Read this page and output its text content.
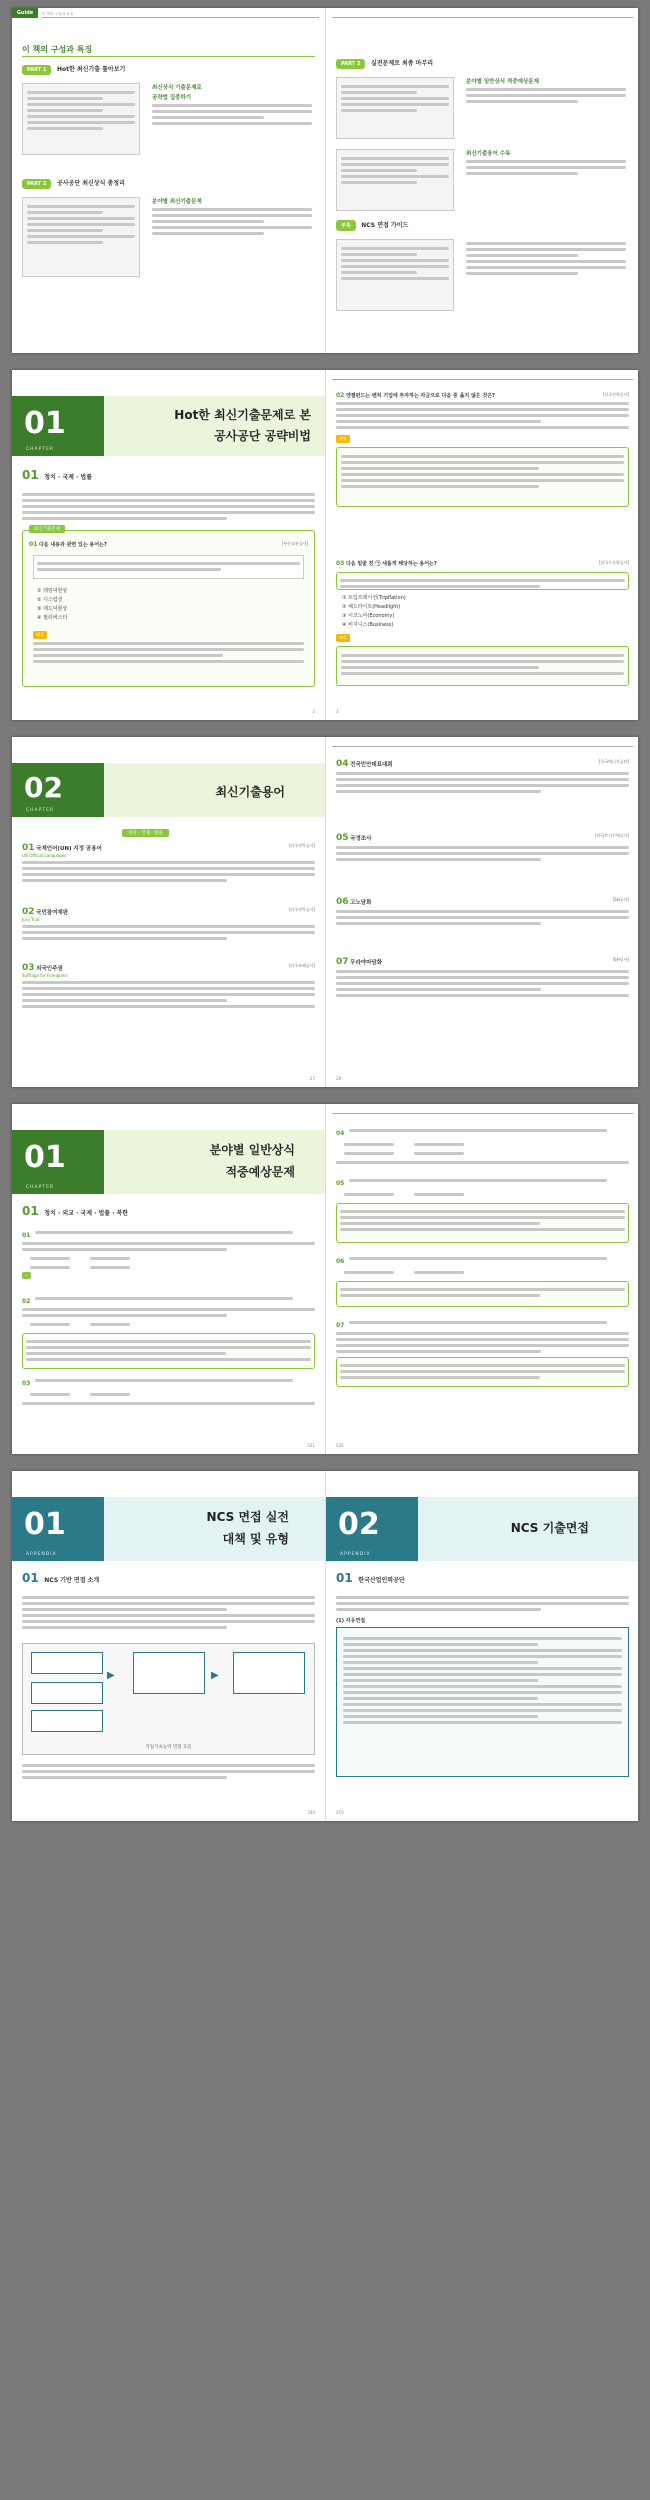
Guide	이 책의 구성과 특징
이 책의 구성과 특징
PART 1 Hot한 최신기출 톺아보기
최신상식 기출문제로
공략법 집중하기
PART 2 공사공단 최신상식 총정리
분야별 최신기출문제
PART 3 실전문제로 최종 마무리
분야별 일반상식 적중예상문제
최신기출용어 수록
부록 NCS 면접 가이드
01
CHAPTER
Hot한 최신기출문제로 본
공사공단 공략비법
01 정치 · 국제 · 법률
최신기출문제
01 다음 내용과 관련 있는 용어는?	[부산교통공사]
① 레임덕현상
② 디스럽션
③ 데드덕현상
④ 필리버스터
해설
2
02 엔젤펀드는 벤처 기업에 투자하는 자금으로 다음 중 옳지 않은 것은?	[한국전력공사]
해설
03 다음 밑줄 친 ㉠ 새롭게 해당하는 용어는?	[한국수자원공사]
① 트림프레이션(Tripflation)
② 헤드라이트(Headlight)
③ 이코노미(Economy)
④ 비지니스(Business)
해설
3
02
CHAPTER
최신기출용어
정치 · 국제 · 법률
01 국제언어(UN) 지정 공용어
[한국전력공사]
UN Official Languages
02 국민참여재판
[한국전력공사]
Jury Trial
03 외국인주권
[한국조폐공사]
Suffrage for Foreigners
27
04 전국민안데표대회
[한국에너지공단]
05 국정조사
[한국토지주택공사]
06 고노담화
[SH공사]
07 무라야마담화
[SH공사]
28
01
CHAPTER
분야별 일반상식
적중예상문제
01 정치 · 외교 · 국제 · 법률 · 북한
01
✓
02
03
531
04
05
06
07
532
01
APPENDIX
NCS 면접 실전
대책 및 유형
01 NCS 기반 면접 소개
▶	▶
직업기초능력 면접 흐름
340
02
APPENDIX
NCS 기출면접
01 한국산업인력공단
(1) 자유면접
370
